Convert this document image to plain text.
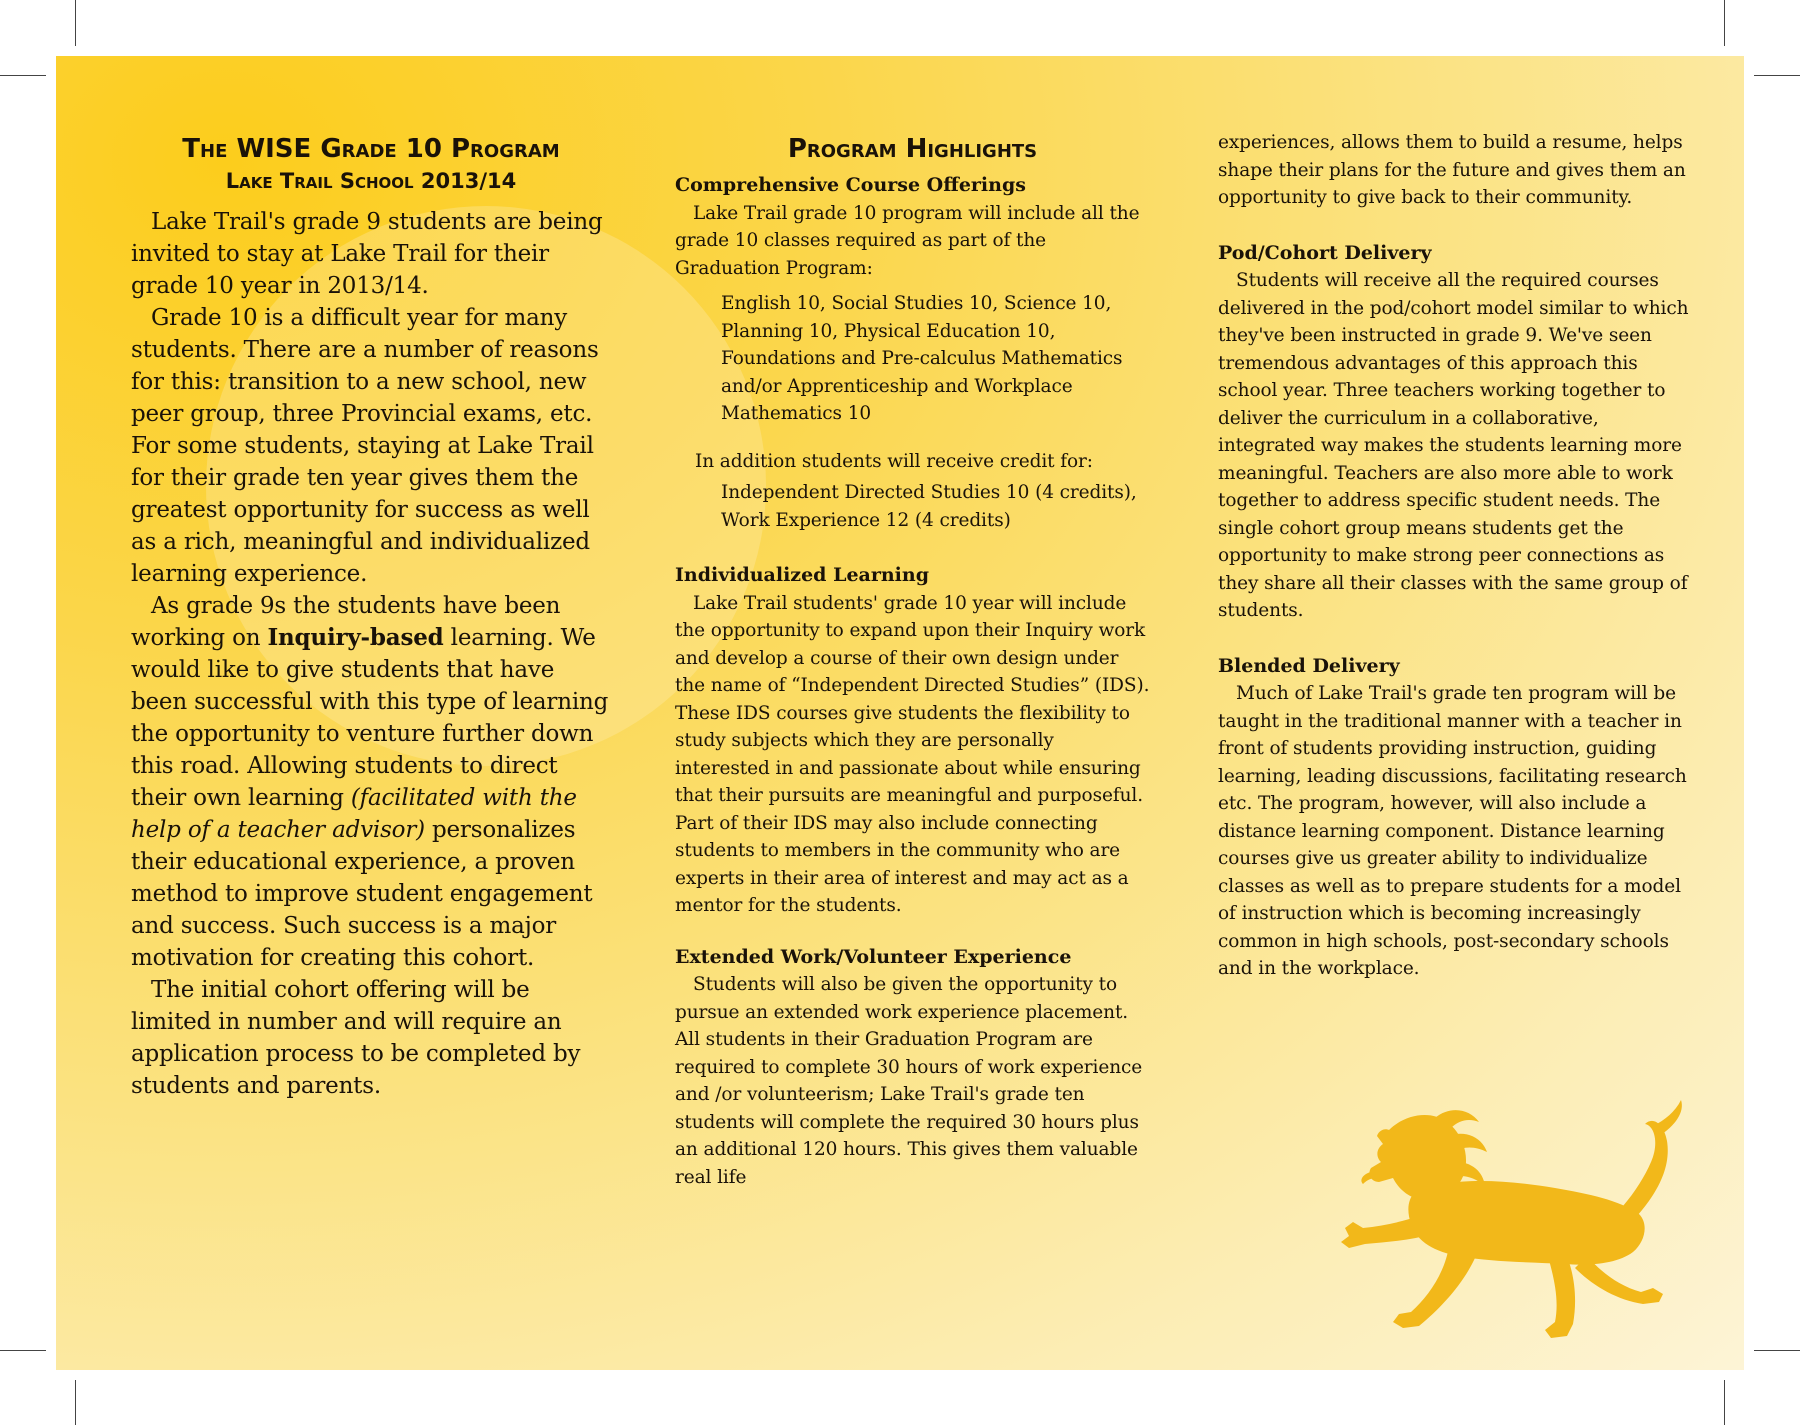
The WISE Grade 10 Program
Lake Trail School 2013/14

Lake Trail's grade 9 students are being invited to stay at Lake Trail for their grade 10 year in 2013/14.

Grade 10 is a difficult year for many students. There are a number of reasons for this: transition to a new school, new peer group, three Provincial exams, etc. For some students, staying at Lake Trail for their grade ten year gives them the greatest opportunity for success as well as a rich, meaningful and individualized learning experience.

As grade 9s the students have been working on Inquiry-based learning. We would like to give students that have been successful with this type of learning the opportunity to venture further down this road. Allowing students to direct their own learning (facilitated with the help of a teacher advisor) personalizes their educational experience, a proven method to improve student engagement and success. Such success is a major motivation for creating this cohort.

The initial cohort offering will be limited in number and will require an application process to be completed by students and parents.

Program Highlights
Comprehensive Course Offerings

Lake Trail grade 10 program will include all the grade 10 classes required as part of the Graduation Program:

English 10, Social Studies 10, Science 10, Planning 10, Physical Education 10, Foundations and Pre-calculus Mathematics and/or Apprenticeship and Workplace Mathematics 10

In addition students will receive credit for:

Independent Directed Studies 10 (4 credits), Work Experience 12 (4 credits)

Individualized Learning

Lake Trail students' grade 10 year will include the opportunity to expand upon their Inquiry work and develop a course of their own design under the name of “Independent Directed Studies” (IDS). These IDS courses give students the flexibility to study subjects which they are personally interested in and passionate about while ensuring that their pursuits are meaningful and purposeful. Part of their IDS may also include connecting students to members in the community who are experts in their area of interest and may act as a mentor for the students.

Extended Work/Volunteer Experience

Students will also be given the opportunity to pursue an extended work experience placement. All students in their Graduation Program are required to complete 30 hours of work experience and /or volunteerism; Lake Trail's grade ten students will complete the required 30 hours plus an additional 120 hours. This gives them valuable real life

experiences, allows them to build a resume, helps shape their plans for the future and gives them an opportunity to give back to their community.

Pod/Cohort Delivery

Students will receive all the required courses delivered in the pod/cohort model similar to which they've been instructed in grade 9. We've seen tremendous advantages of this approach this school year. Three teachers working together to deliver the curriculum in a collaborative, integrated way makes the students learning more meaningful. Teachers are also more able to work together to address specific student needs. The single cohort group means students get the opportunity to make strong peer connections as they share all their classes with the same group of students.

Blended Delivery

Much of Lake Trail's grade ten program will be taught in the traditional manner with a teacher in front of students providing instruction, guiding learning, leading discussions, facilitating research etc. The program, however, will also include a distance learning component. Distance learning courses give us greater ability to individualize classes as well as to prepare students for a model of instruction which is becoming increasingly common in high schools, post-secondary schools and in the workplace.
